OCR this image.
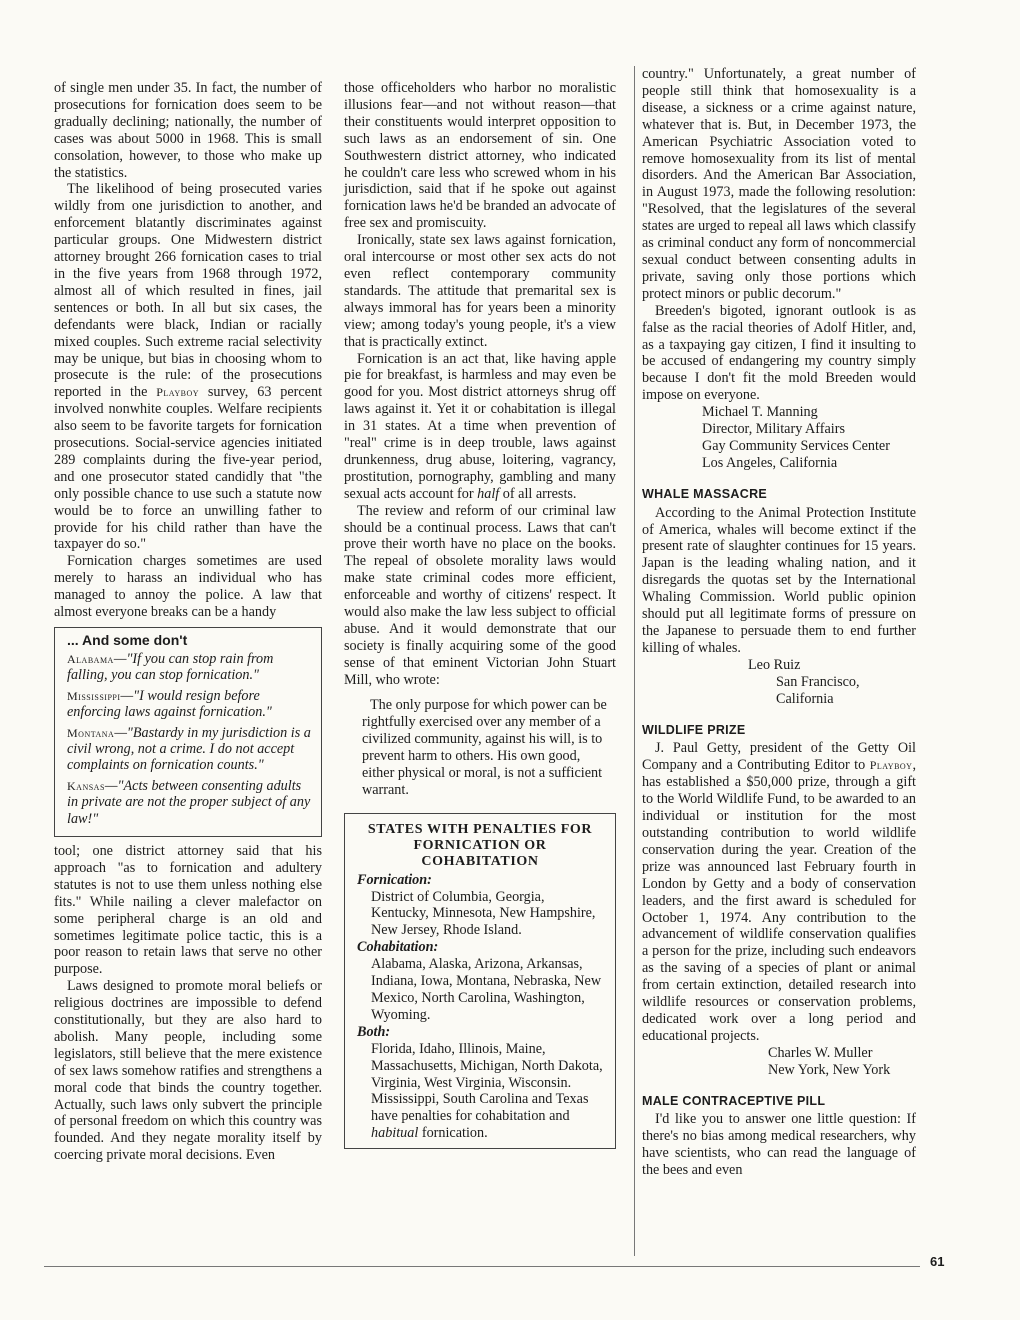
of single men under 35. In fact, the number of prosecutions for fornication does seem to be gradually declining; nationally, the number of cases was about 5000 in 1968. This is small consolation, however, to those who make up the statistics.

The likelihood of being prosecuted varies wildly from one jurisdiction to another, and enforcement blatantly discriminates against particular groups. One Midwestern district attorney brought 266 fornication cases to trial in the five years from 1968 through 1972, almost all of which resulted in fines, jail sentences or both. In all but six cases, the defendants were black, Indian or racially mixed couples. Such extreme racial selectivity may be unique, but bias in choosing whom to prosecute is the rule: of the prosecutions reported in the Playboy survey, 63 percent involved nonwhite couples. Welfare recipients also seem to be favorite targets for fornication prosecutions. Social-service agencies initiated 289 complaints during the five-year period, and one prosecutor stated candidly that "the only possible chance to use such a statute now would be to force an unwilling father to provide for his child rather than have the taxpayer do so."

Fornication charges sometimes are used merely to harass an individual who has managed to annoy the police. A law that almost everyone breaks can be a handy

... And some don't

Alabama—"If you can stop rain from falling, you can stop fornication."

Mississippi—"I would resign before enforcing laws against fornication."

Montana—"Bastardy in my jurisdiction is a civil wrong, not a crime. I do not accept complaints on fornication counts."

Kansas—"Acts between consenting adults in private are not the proper subject of any law!"

tool; one district attorney said that his approach "as to fornication and adultery statutes is not to use them unless nothing else fits." While nailing a clever malefactor on some peripheral charge is an old and sometimes legitimate police tactic, this is a poor reason to retain laws that serve no other purpose.

Laws designed to promote moral beliefs or religious doctrines are impossible to defend constitutionally, but they are also hard to abolish. Many people, including some legislators, still believe that the mere existence of sex laws somehow ratifies and strengthens a moral code that binds the country together. Actually, such laws only subvert the principle of personal freedom on which this country was founded. And they negate morality itself by coercing private moral decisions. Even

those officeholders who harbor no moralistic illusions fear—and not without reason—that their constituents would interpret opposition to such laws as an endorsement of sin. One Southwestern district attorney, who indicated he couldn't care less who screwed whom in his jurisdiction, said that if he spoke out against fornication laws he'd be branded an advocate of free sex and promiscuity.

Ironically, state sex laws against fornication, oral intercourse or most other sex acts do not even reflect contemporary community standards. The attitude that premarital sex is always immoral has for years been a minority view; among today's young people, it's a view that is practically extinct.

Fornication is an act that, like having apple pie for breakfast, is harmless and may even be good for you. Most district attorneys shrug off laws against it. Yet it or cohabitation is illegal in 31 states. At a time when prevention of "real" crime is in deep trouble, laws against drunkenness, drug abuse, loitering, vagrancy, prostitution, pornography, gambling and many sexual acts account for half of all arrests.

The review and reform of our criminal law should be a continual process. Laws that can't prove their worth have no place on the books. The repeal of obsolete morality laws would make state criminal codes more efficient, enforceable and worthy of citizens' respect. It would also make the law less subject to official abuse. And it would demonstrate that our society is finally acquiring some of the good sense of that eminent Victorian John Stuart Mill, who wrote:

The only purpose for which power can be rightfully exercised over any member of a civilized community, against his will, is to prevent harm to others. His own good, either physical or moral, is not a sufficient warrant.

STATES WITH PENALTIES FOR FORNICATION OR COHABITATION

Fornication:

District of Columbia, Georgia, Kentucky, Minnesota, New Hampshire, New Jersey, Rhode Island.

Cohabitation:

Alabama, Alaska, Arizona, Arkansas, Indiana, Iowa, Montana, Nebraska, New Mexico, North Carolina, Washington, Wyoming.

Both:

Florida, Idaho, Illinois, Maine, Massachusetts, Michigan, North Dakota, Virginia, West Virginia, Wisconsin. Mississippi, South Carolina and Texas have penalties for cohabitation and habitual fornication.

country." Unfortunately, a great number of people still think that homosexuality is a disease, a sickness or a crime against nature, whatever that is. But, in December 1973, the American Psychiatric Association voted to remove homosexuality from its list of mental disorders. And the American Bar Association, in August 1973, made the following resolution: "Resolved, that the legislatures of the several states are urged to repeal all laws which classify as criminal conduct any form of noncommercial sexual conduct between consenting adults in private, saving only those portions which protect minors or public decorum."

Breeden's bigoted, ignorant outlook is as false as the racial theories of Adolf Hitler, and, as a taxpaying gay citizen, I find it insulting to be accused of endangering my country simply because I don't fit the mold Breeden would impose on everyone.

Michael T. Manning

Director, Military Affairs

Gay Community Services Center

Los Angeles, California

WHALE MASSACRE

According to the Animal Protection Institute of America, whales will become extinct if the present rate of slaughter continues for 15 years. Japan is the leading whaling nation, and it disregards the quotas set by the International Whaling Commission. World public opinion should put all legitimate forms of pressure on the Japanese to persuade them to end further killing of whales.

Leo Ruiz

San Francisco, California

WILDLIFE PRIZE

J. Paul Getty, president of the Getty Oil Company and a Contributing Editor to Playboy, has established a $50,000 prize, through a gift to the World Wildlife Fund, to be awarded to an individual or institution for the most outstanding contribution to world wildlife conservation during the year. Creation of the prize was announced last February fourth in London by Getty and a body of conservation leaders, and the first award is scheduled for October 1, 1974. Any contribution to the advancement of wildlife conservation qualifies a person for the prize, including such endeavors as the saving of a species of plant or animal from certain extinction, detailed research into wildlife resources or conservation problems, dedicated work over a long period and educational projects.

Charles W. Muller

New York, New York

MALE CONTRACEPTIVE PILL

I'd like you to answer one little question: If there's no bias among medical researchers, why have scientists, who can read the language of the bees and even

61
